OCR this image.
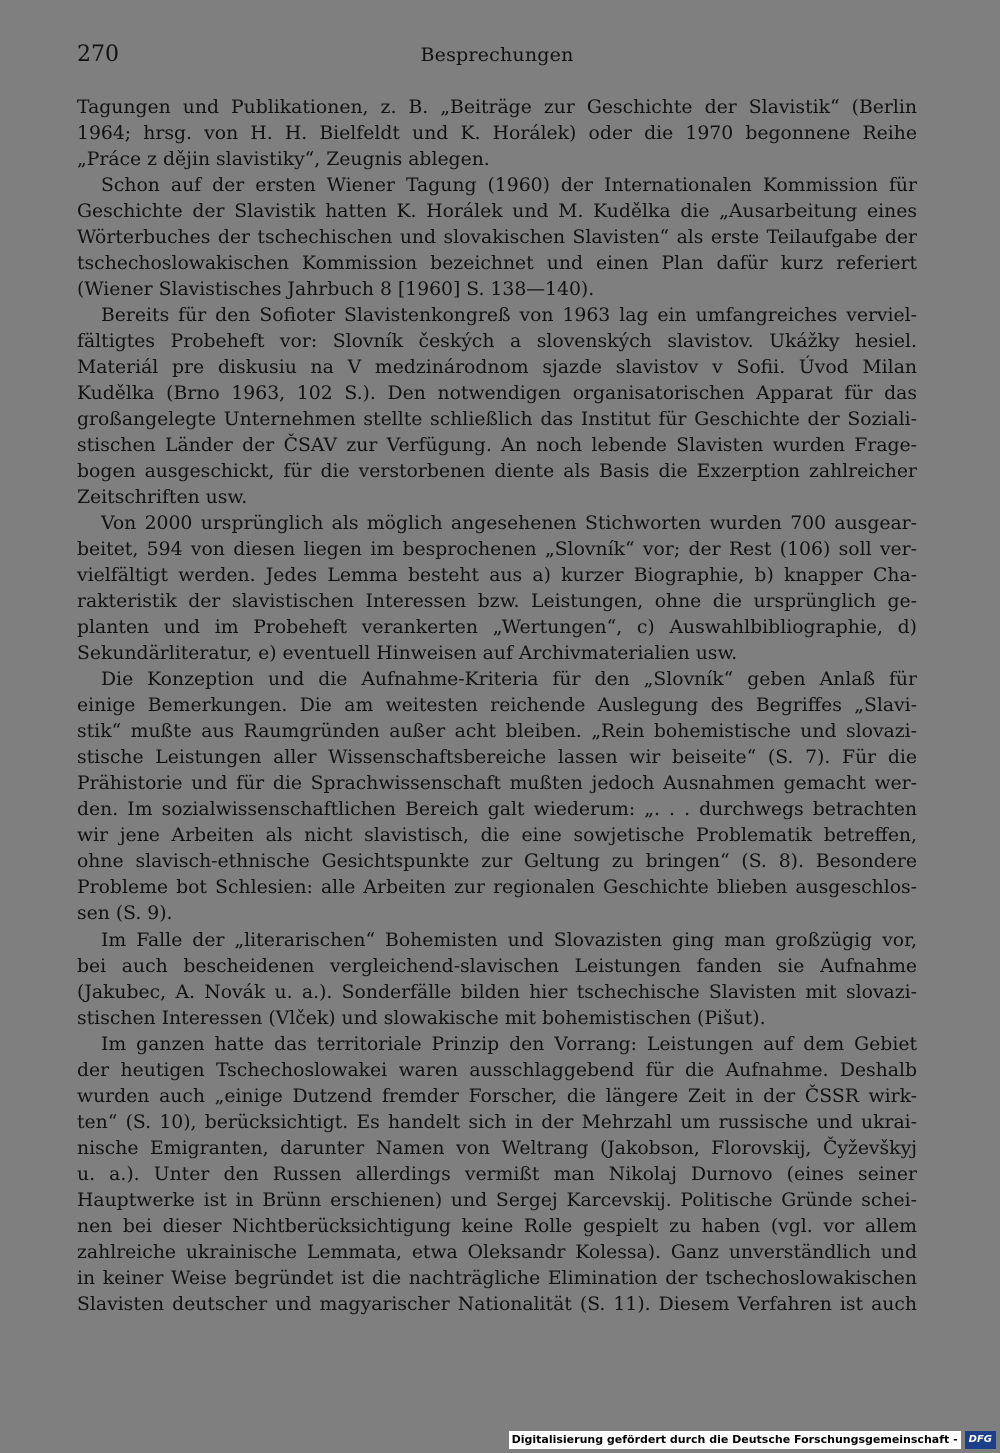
270	Besprechungen
Tagungen und Publikationen, z. B. „Beiträge zur Geschichte der Slavistik“ (Berlin
1964; hrsg. von H. H. Bielfeldt und K. Horálek) oder die 1970 begonnene Reihe
„Práce z dějin slavistiky“, Zeugnis ablegen.
Schon auf der ersten Wiener Tagung (1960) der Internationalen Kommission für
Geschichte der Slavistik hatten K. Horálek und M. Kudělka die „Ausarbeitung eines
Wörterbuches der tschechischen und slovakischen Slavisten“ als erste Teilaufgabe der
tschechoslowakischen Kommission bezeichnet und einen Plan dafür kurz referiert
(Wiener Slavistisches Jahrbuch 8 [1960] S. 138—140).
Bereits für den Sofioter Slavistenkongreß von 1963 lag ein umfangreiches verviel-
fältigtes Probeheft vor: Slovník českých a slovenských slavistov. Ukážky hesiel.
Materiál pre diskusiu na V medzinárodnom sjazde slavistov v Sofii. Úvod Milan
Kudělka (Brno 1963, 102 S.). Den notwendigen organisatorischen Apparat für das
großangelegte Unternehmen stellte schließlich das Institut für Geschichte der Soziali-
stischen Länder der ČSAV zur Verfügung. An noch lebende Slavisten wurden Frage-
bogen ausgeschickt, für die verstorbenen diente als Basis die Exzerption zahlreicher
Zeitschriften usw.
Von 2000 ursprünglich als möglich angesehenen Stichworten wurden 700 ausgear-
beitet, 594 von diesen liegen im besprochenen „Slovník“ vor; der Rest (106) soll ver-
vielfältigt werden. Jedes Lemma besteht aus a) kurzer Biographie, b) knapper Cha-
rakteristik der slavistischen Interessen bzw. Leistungen, ohne die ursprünglich ge-
planten und im Probeheft verankerten „Wertungen“, c) Auswahlbibliographie, d)
Sekundärliteratur, e) eventuell Hinweisen auf Archivmaterialien usw.
Die Konzeption und die Aufnahme-Kriteria für den „Slovník“ geben Anlaß für
einige Bemerkungen. Die am weitesten reichende Auslegung des Begriffes „Slavi-
stik“ mußte aus Raumgründen außer acht bleiben. „Rein bohemistische und slovazi-
stische Leistungen aller Wissenschaftsbereiche lassen wir beiseite“ (S. 7). Für die
Prähistorie und für die Sprachwissenschaft mußten jedoch Ausnahmen gemacht wer-
den. Im sozialwissenschaftlichen Bereich galt wiederum: „. . . durchwegs betrachten
wir jene Arbeiten als nicht slavistisch, die eine sowjetische Problematik betreffen,
ohne slavisch-ethnische Gesichtspunkte zur Geltung zu bringen“ (S. 8). Besondere
Probleme bot Schlesien: alle Arbeiten zur regionalen Geschichte blieben ausgeschlos-
sen (S. 9).
Im Falle der „literarischen“ Bohemisten und Slovazisten ging man großzügig vor,
bei auch bescheidenen vergleichend-slavischen Leistungen fanden sie Aufnahme
(Jakubec, A. Novák u. a.). Sonderfälle bilden hier tschechische Slavisten mit slovazi-
stischen Interessen (Vlček) und slowakische mit bohemistischen (Pišut).
Im ganzen hatte das territoriale Prinzip den Vorrang: Leistungen auf dem Gebiet
der heutigen Tschechoslowakei waren ausschlaggebend für die Aufnahme. Deshalb
wurden auch „einige Dutzend fremder Forscher, die längere Zeit in der ČSSR wirk-
ten“ (S. 10), berücksichtigt. Es handelt sich in der Mehrzahl um russische und ukrai-
nische Emigranten, darunter Namen von Weltrang (Jakobson, Florovskij, Čyževškyj
u. a.). Unter den Russen allerdings vermißt man Nikolaj Durnovo (eines seiner
Hauptwerke ist in Brünn erschienen) und Sergej Karcevskij. Politische Gründe schei-
nen bei dieser Nichtberücksichtigung keine Rolle gespielt zu haben (vgl. vor allem
zahlreiche ukrainische Lemmata, etwa Oleksandr Kolessa). Ganz unverständlich und
in keiner Weise begründet ist die nachträgliche Elimination der tschechoslowakischen
Slavisten deutscher und magyarischer Nationalität (S. 11). Diesem Verfahren ist auch
Digitalisierung gefördert durch die Deutsche Forschungsgemeinschaft -	DFG
